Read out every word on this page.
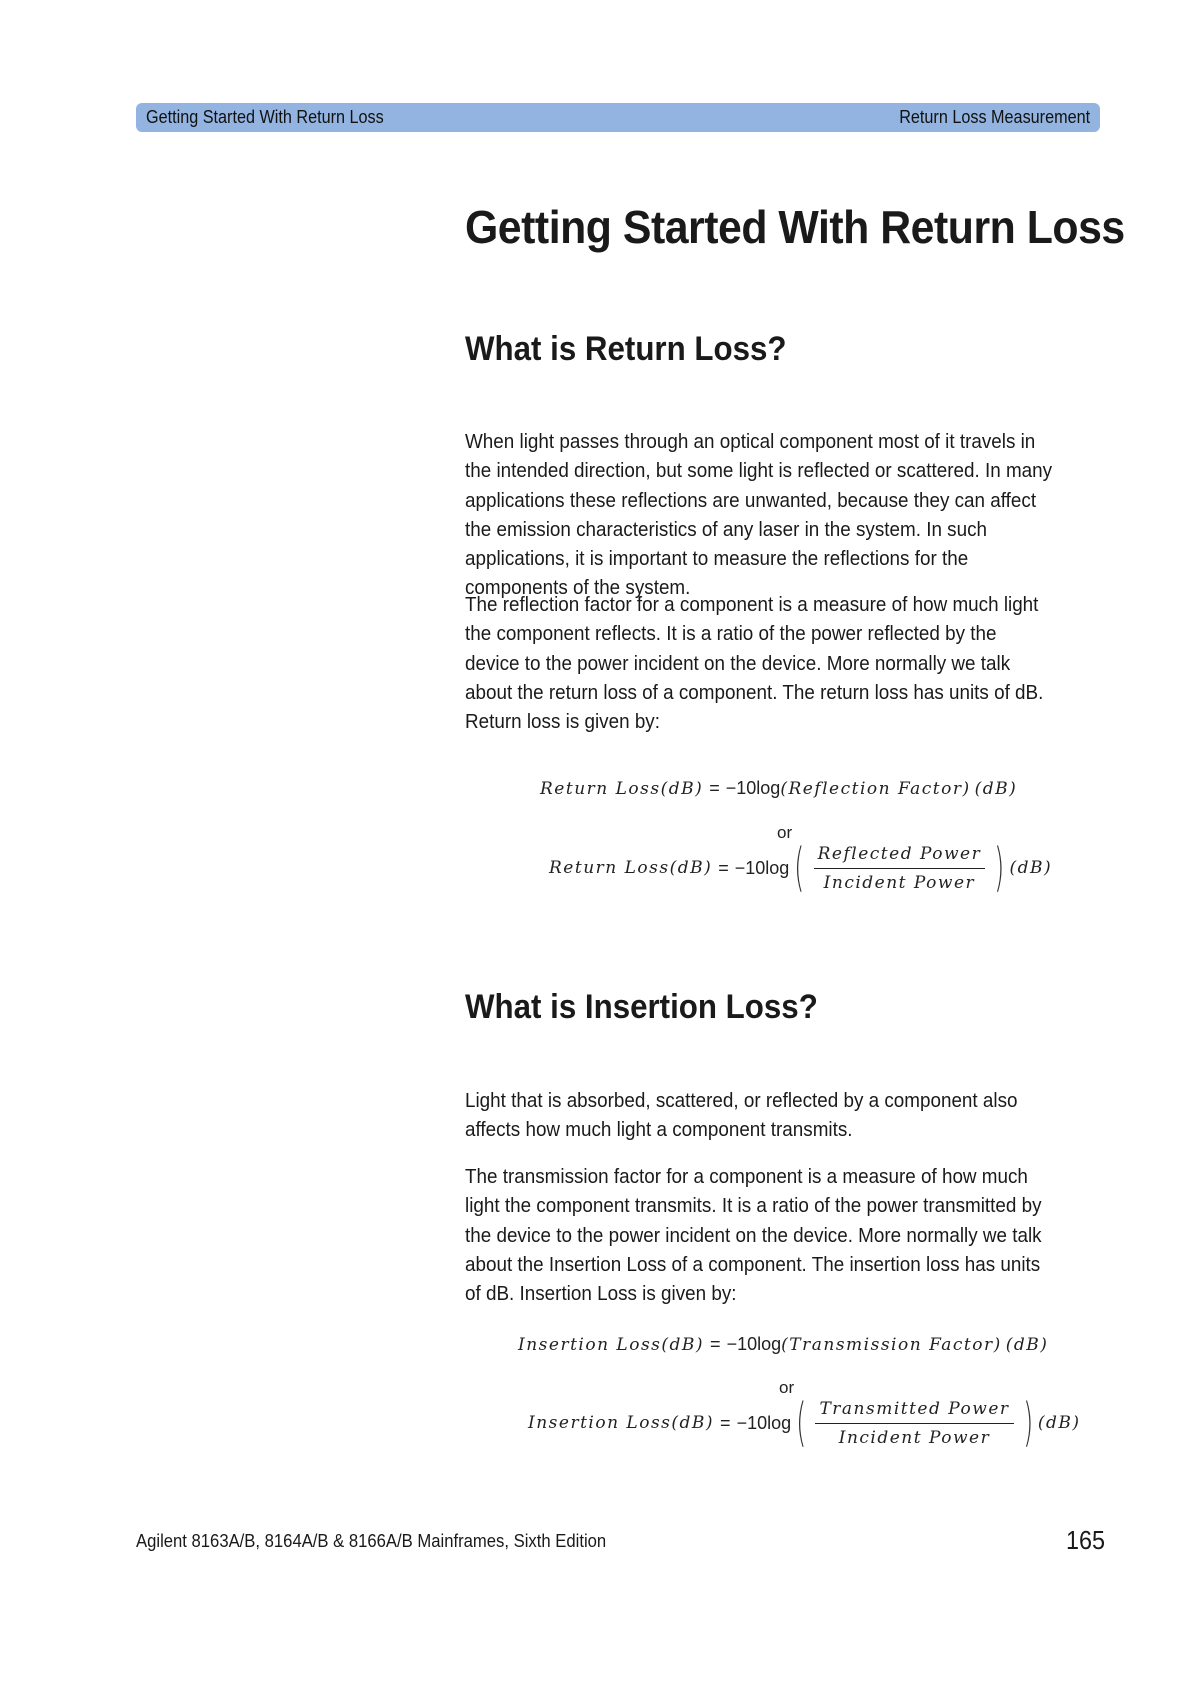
Getting Started With Return Loss	Return Loss Measurement
Getting Started With Return Loss
What is Return Loss?

When light passes through an optical component most of it travels in the intended direction, but some light is reflected or scattered. In many applications these reflections are unwanted, because they can affect the emission characteristics of any laser in the system. In such applications, it is important to measure the reflections for the components of the system.

The reflection factor for a component is a measure of how much light the component reflects. It is a ratio of the power reflected by the device to the power incident on the device. More normally we talk about the return loss of a component. The return loss has units of dB. Return loss is given by:

Return Loss(dB) = −10 log (Reflection Factor) (dB)
or
Return Loss(dB) = −10 log ( $\frac{\text{Reflected Power}}{\text{Incident Power}}$ ) (dB)
What is Insertion Loss?

Light that is absorbed, scattered, or reflected by a component also affects how much light a component transmits.

The transmission factor for a component is a measure of how much light the component transmits. It is a ratio of the power transmitted by the device to the power incident on the device. More normally we talk about the Insertion Loss of a component. The insertion loss has units of dB. Insertion Loss is given by:

Insertion Loss(dB) = −10 log (Transmission Factor) (dB)
or
Insertion Loss(dB) = −10 log ( $\frac{\text{Transmitted Power}}{\text{Incident Power}}$ ) (dB)
Agilent 8163A/B, 8164A/B & 8166A/B Mainframes, Sixth Edition	165
